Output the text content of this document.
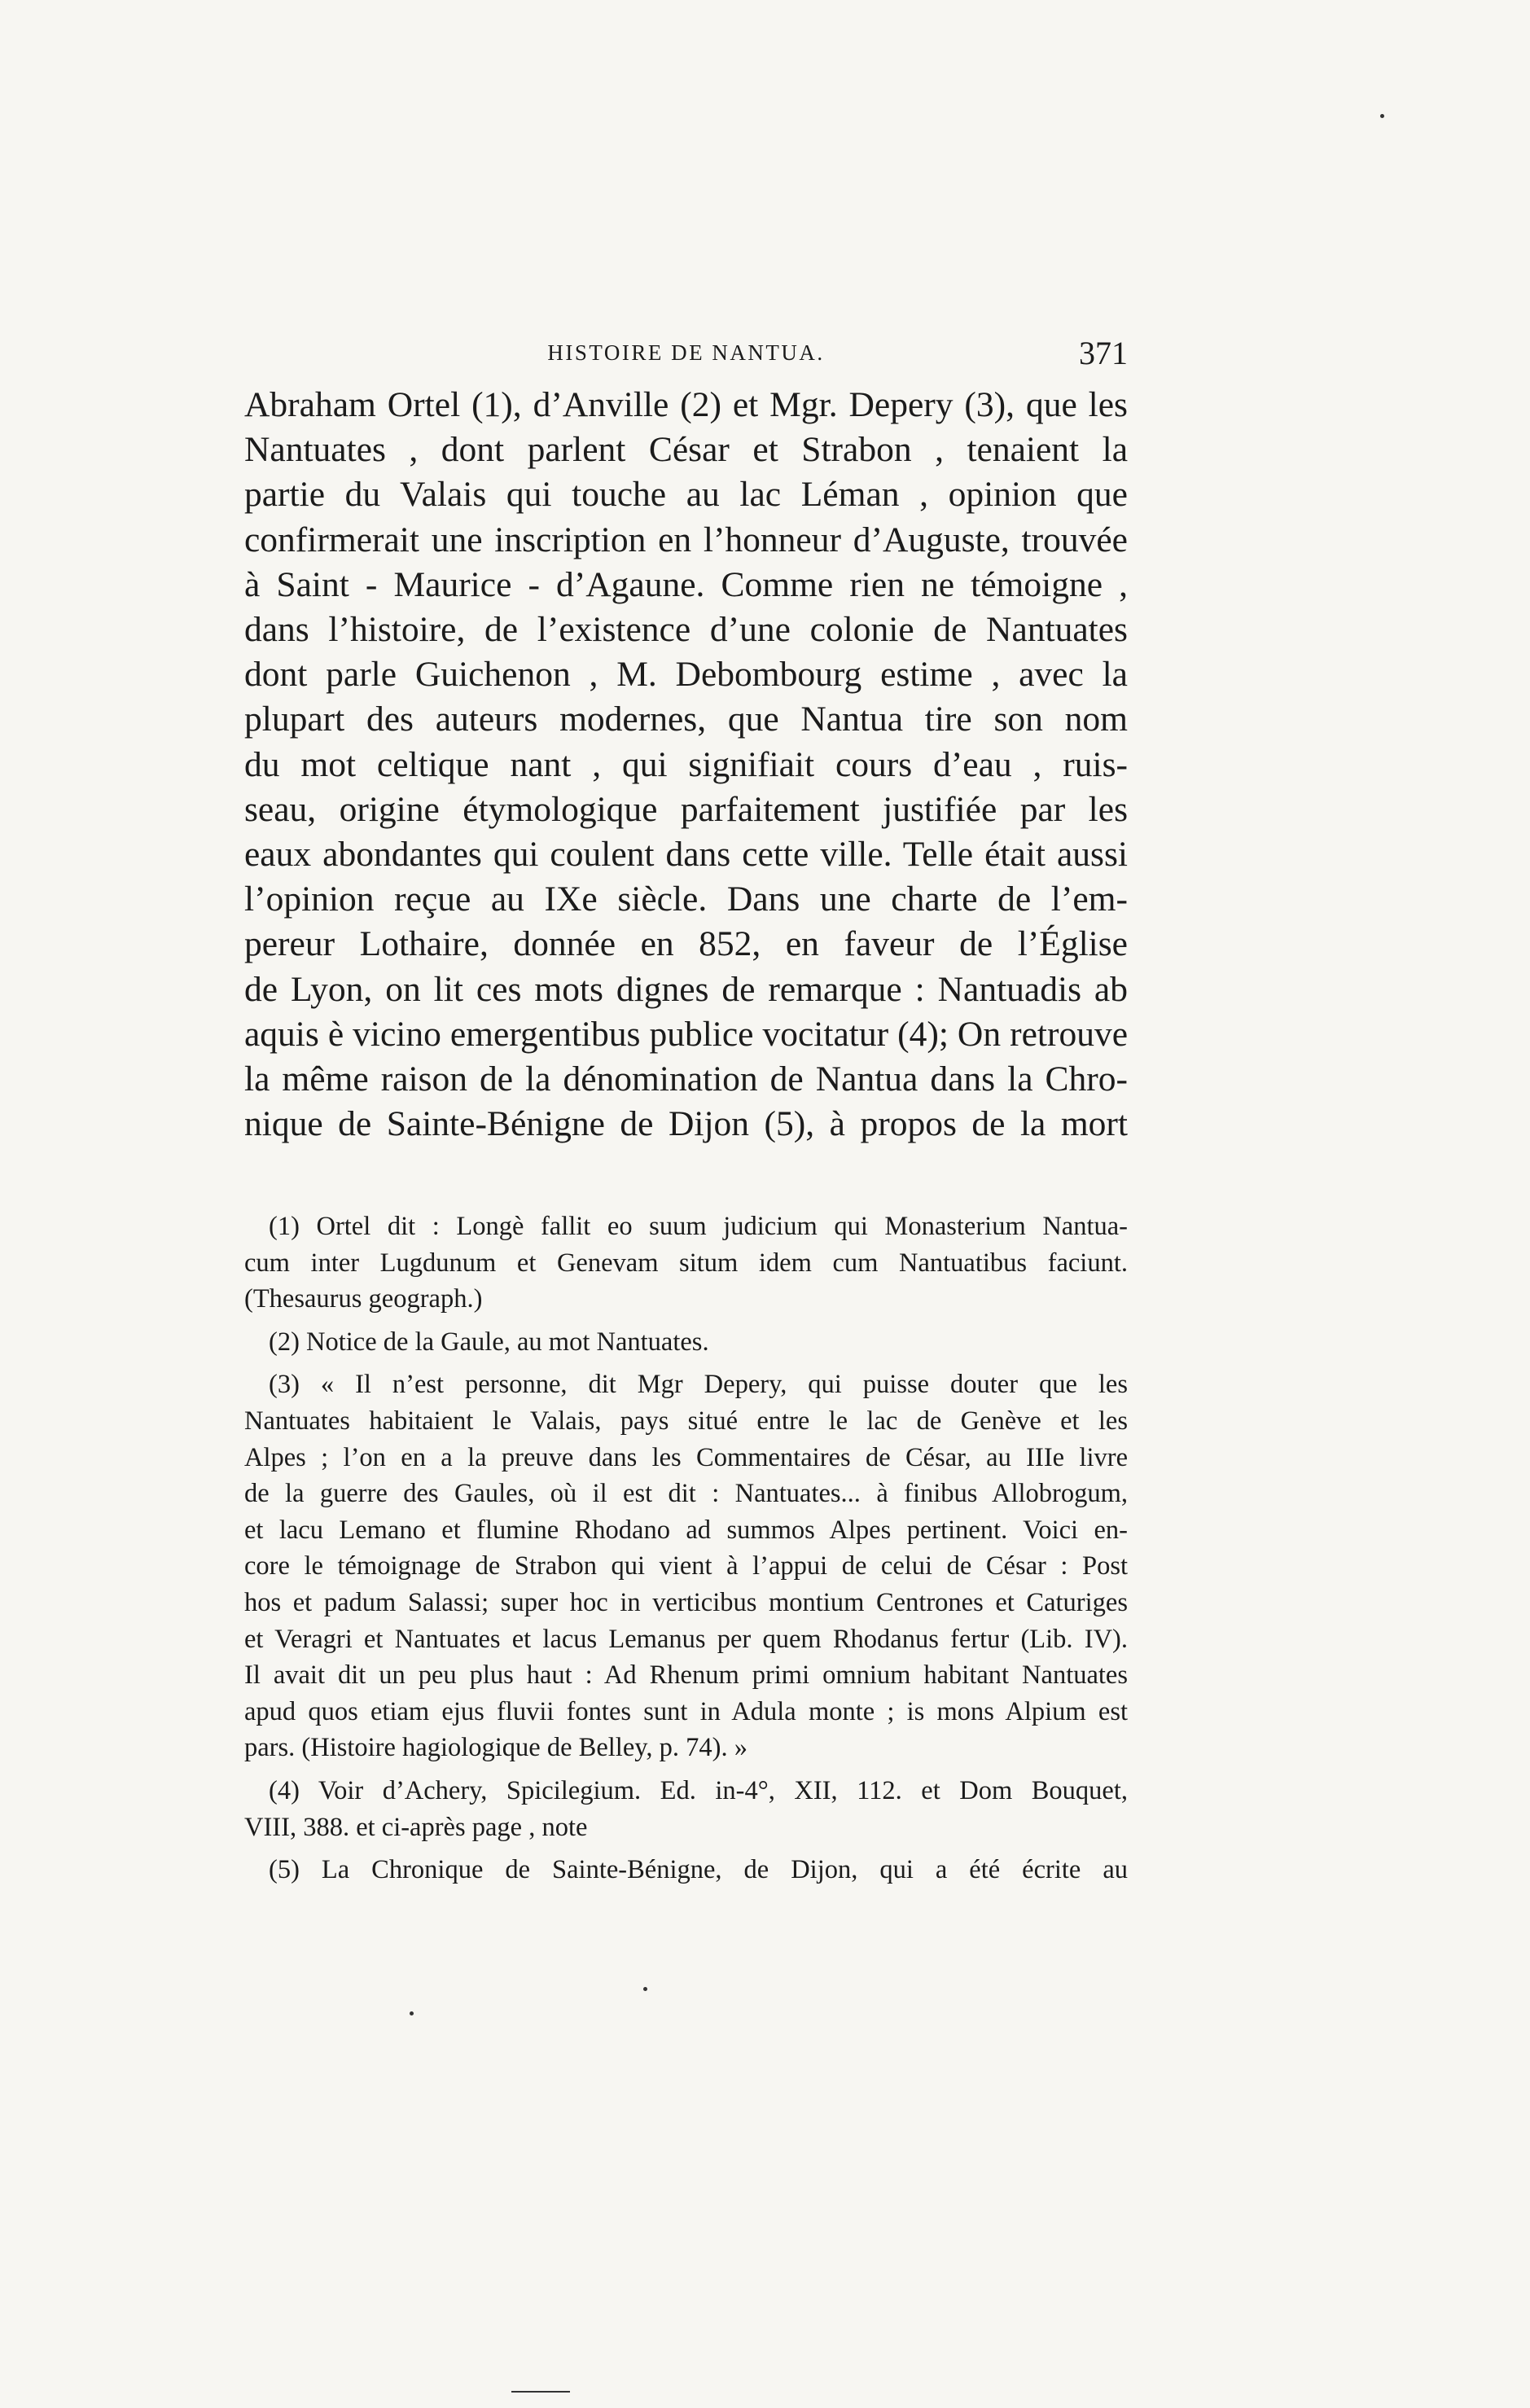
HISTOIRE DE NANTUA.	371
Abraham Ortel (1), d’Anville (2) et Mgr. Depery (3), que les
Nantuates , dont parlent César et Strabon , tenaient la
partie du Valais qui touche au lac Léman , opinion que
confirmerait une inscription en l’honneur d’Auguste, trouvée
à Saint - Maurice - d’Agaune. Comme rien ne témoigne ,
dans l’histoire, de l’existence d’une colonie de Nantuates
dont parle Guichenon , M. Debombourg estime , avec la
plupart des auteurs modernes, que Nantua tire son nom
du mot celtique nant , qui signifiait cours d’eau , ruis-
seau, origine étymologique parfaitement justifiée par les
eaux abondantes qui coulent dans cette ville. Telle était aussi
l’opinion reçue au IXe siècle. Dans une charte de l’em-
pereur Lothaire, donnée en 852, en faveur de l’Église
de Lyon, on lit ces mots dignes de remarque : Nantuadis ab
aquis è vicino emergentibus publice vocitatur (4); On retrouve
la même raison de la dénomination de Nantua dans la Chro-
nique de Sainte-Bénigne de Dijon (5), à propos de la mort
(1) Ortel dit : Longè fallit eo suum judicium qui Monasterium Nantua-
cum inter Lugdunum et Genevam situm idem cum Nantuatibus faciunt.
(Thesaurus geograph.)
(2) Notice de la Gaule, au mot Nantuates.
(3) « Il n’est personne, dit Mgr Depery, qui puisse douter que les
Nantuates habitaient le Valais, pays situé entre le lac de Genève et les
Alpes ; l’on en a la preuve dans les Commentaires de César, au IIIe livre
de la guerre des Gaules, où il est dit : Nantuates... à finibus Allobrogum,
et lacu Lemano et flumine Rhodano ad summos Alpes pertinent. Voici en-
core le témoignage de Strabon qui vient à l’appui de celui de César : Post
hos et padum Salassi; super hoc in verticibus montium Centrones et Caturiges
et Veragri et Nantuates et lacus Lemanus per quem Rhodanus fertur (Lib. IV).
Il avait dit un peu plus haut : Ad Rhenum primi omnium habitant Nantuates
apud quos etiam ejus fluvii fontes sunt in Adula monte ; is mons Alpium est
pars. (Histoire hagiologique de Belley, p. 74). »
(4) Voir d’Achery, Spicilegium. Ed. in-4°, XII, 112. et Dom Bouquet,
VIII, 388. et ci-après page , note
(5) La Chronique de Sainte-Bénigne, de Dijon, qui a été écrite au
